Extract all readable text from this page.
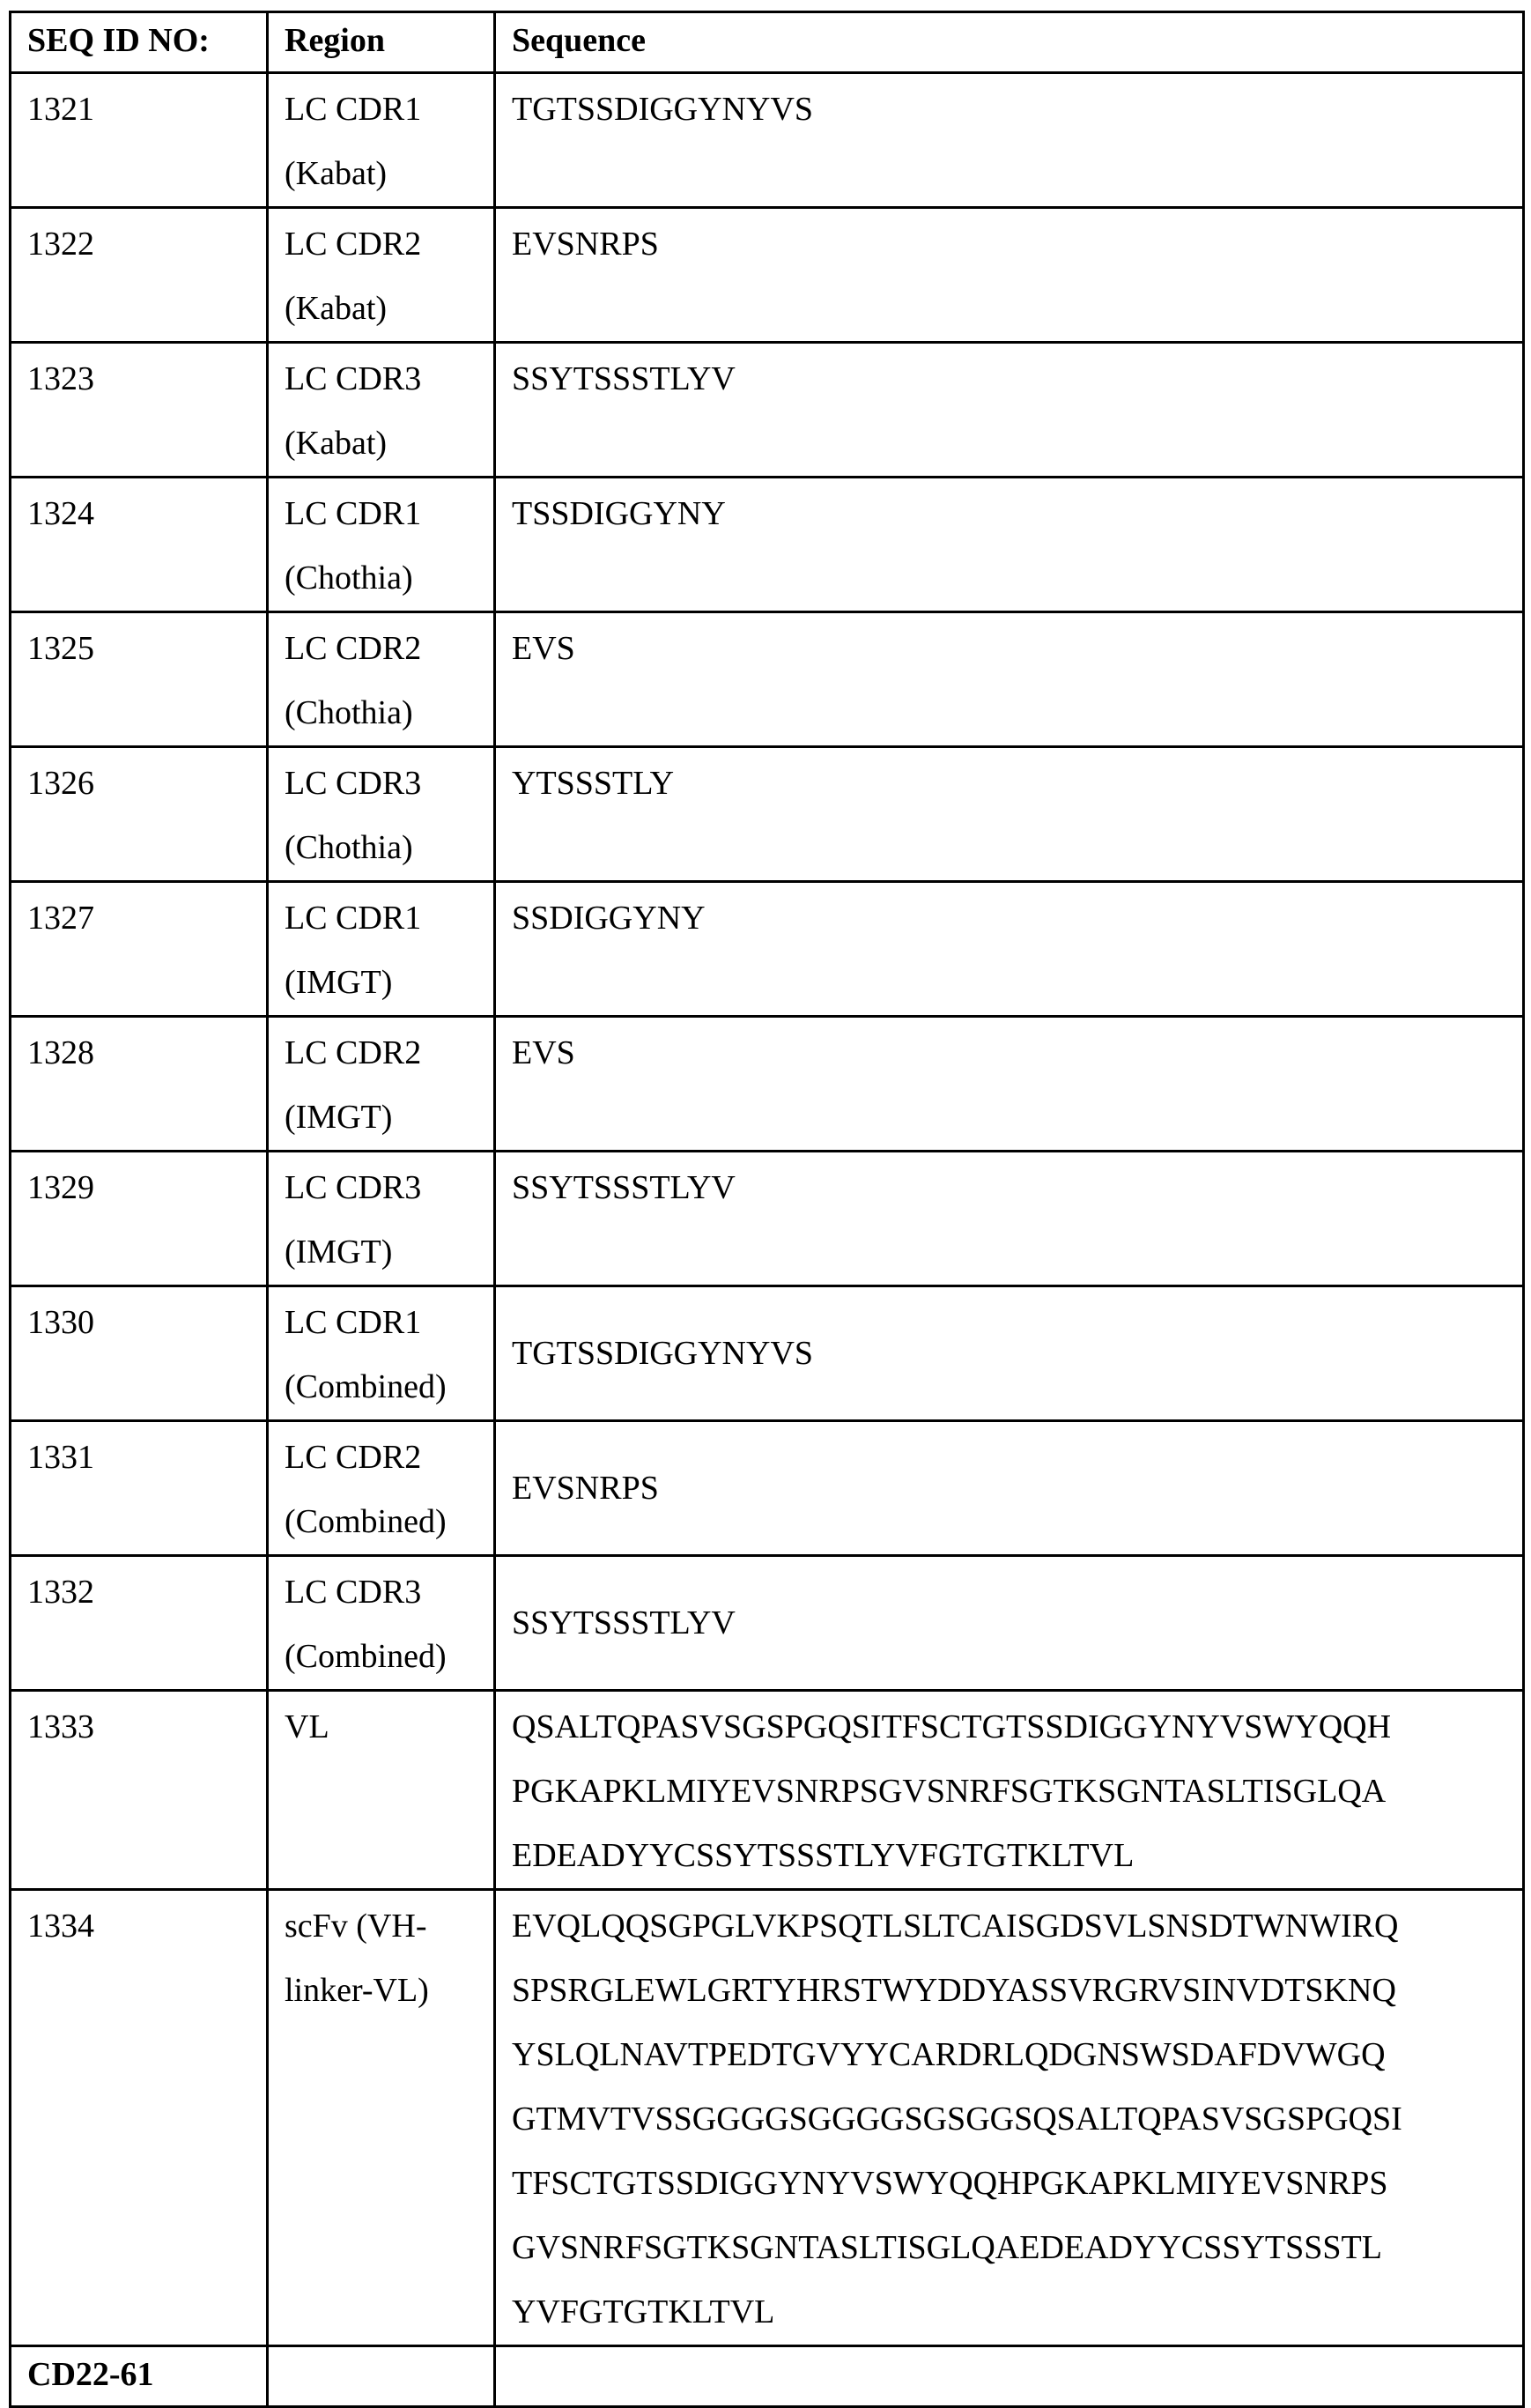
SEQ ID NO:	Region	Sequence
1321	LC CDR1
(Kabat)

TGTSSDIGGYNYVS

1322	LC CDR2
(Kabat)

EVSNRPS

1323	LC CDR3
(Kabat)

SSYTSSSTLYV

1324	LC CDR1
(Chothia)

TSSDIGGYNY

1325	LC CDR2
(Chothia)

EVS

1326	LC CDR3
(Chothia)

YTSSSTLY

1327	LC CDR1
(IMGT)

SSDIGGYNY

1328	LC CDR2
(IMGT)

EVS

1329	LC CDR3
(IMGT)

SSYTSSSTLYV

1330	LC CDR1
(Combined)

TGTSSDIGGYNYVS

1331	LC CDR2
(Combined)

EVSNRPS

1332	LC CDR3
(Combined)

SSYTSSSTLYV

1333	VL	QSALTQPASVSGSPGQSITFSCTGTSSDIGGYNYVSWYQQH
PGKAPKLMIYEVSNRPSGVSNRFSGTKSGNTASLTISGLQA
EDEADYYCSSYTSSSTLYVFGTGTKLTVL

1334	scFv (VH-
linker-VL)

EVQLQQSGPGLVKPSQTLSLTCAISGDSVLSNSDTWNWIRQ
SPSRGLEWLGRTYHRSTWYDDYASSVRGRVSINVDTSKNQ
YSLQLNAVTPEDTGVYYCARDRLQDGNSWSDAFDVWGQ
GTMVTVSSGGGGSGGGGSGSGGSQSALTQPASVSGSPGQSI
TFSCTGTSSDIGGYNYVSWYQQHPGKAPKLMIYEVSNRPS
GVSNRFSGTKSGNTASLTISGLQAEDEADYYCSSYTSSSTL
YVFGTGTKLTVL

CD22-61		
